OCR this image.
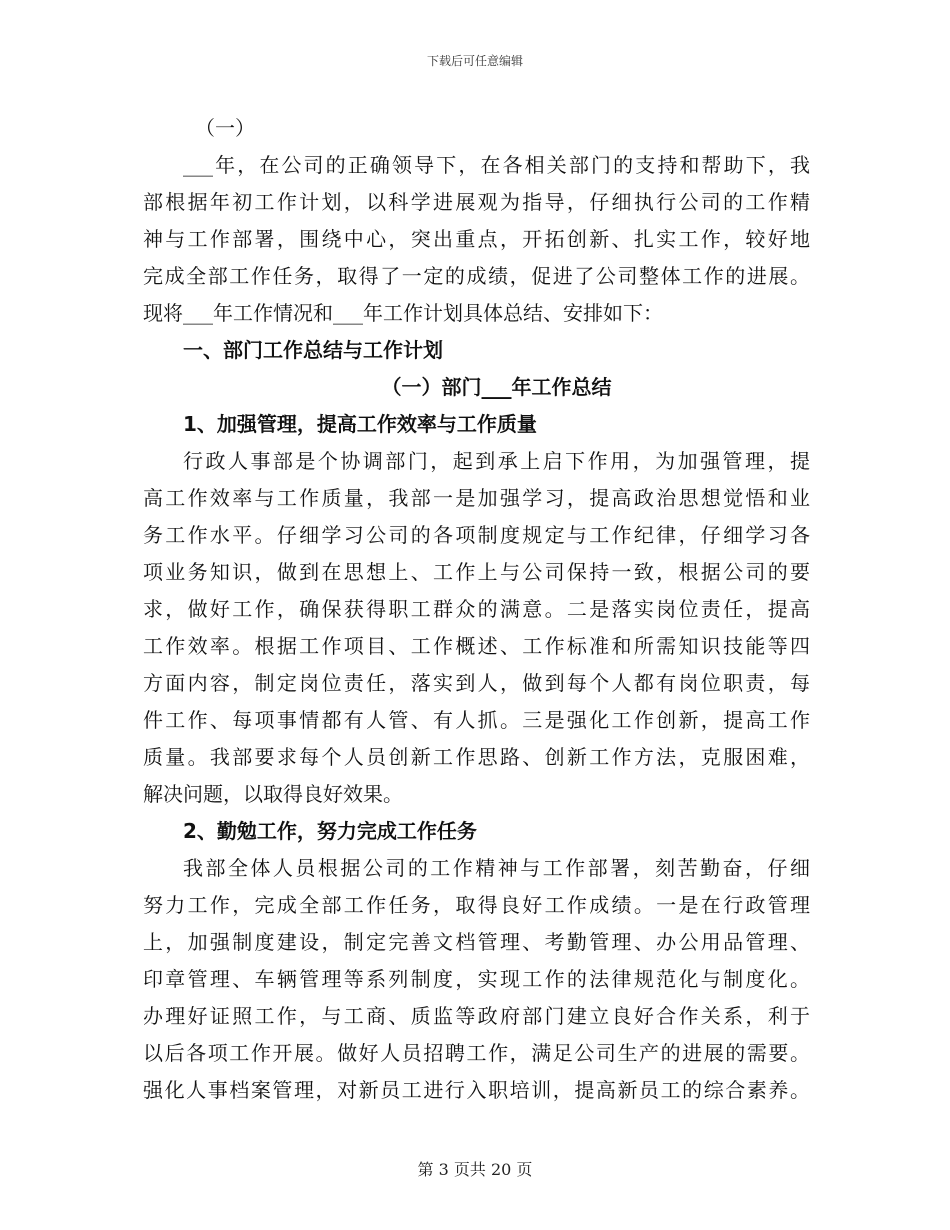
下载后可任意编辑
（一）
___年，在公司的正确领导下，在各相关部门的支持和帮助下，我
部根据年初工作计划，以科学进展观为指导，仔细执行公司的工作精
神与工作部署，围绕中心，突出重点，开拓创新、扎实工作，较好地
完成全部工作任务，取得了一定的成绩，促进了公司整体工作的进展。
现将___年工作情况和___年工作计划具体总结、安排如下：
一、部门工作总结与工作计划
（一）部门___年工作总结
1、加强管理，提高工作效率与工作质量
行政人事部是个协调部门，起到承上启下作用，为加强管理，提
高工作效率与工作质量，我部一是加强学习，提高政治思想觉悟和业
务工作水平。仔细学习公司的各项制度规定与工作纪律，仔细学习各
项业务知识，做到在思想上、工作上与公司保持一致，根据公司的要
求，做好工作，确保获得职工群众的满意。二是落实岗位责任，提高
工作效率。根据工作项目、工作概述、工作标准和所需知识技能等四
方面内容，制定岗位责任，落实到人，做到每个人都有岗位职责，每
件工作、每项事情都有人管、有人抓。三是强化工作创新，提高工作
质量。我部要求每个人员创新工作思路、创新工作方法，克服困难，
解决问题，以取得良好效果。
2、勤勉工作，努力完成工作任务
我部全体人员根据公司的工作精神与工作部署，刻苦勤奋，仔细
努力工作，完成全部工作任务，取得良好工作成绩。一是在行政管理
上，加强制度建设，制定完善文档管理、考勤管理、办公用品管理、
印章管理、车辆管理等系列制度，实现工作的法律规范化与制度化。
办理好证照工作，与工商、质监等政府部门建立良好合作关系，利于
以后各项工作开展。做好人员招聘工作，满足公司生产的进展的需要。
强化人事档案管理，对新员工进行入职培训，提高新员工的综合素养。
第 3 页共 20 页
